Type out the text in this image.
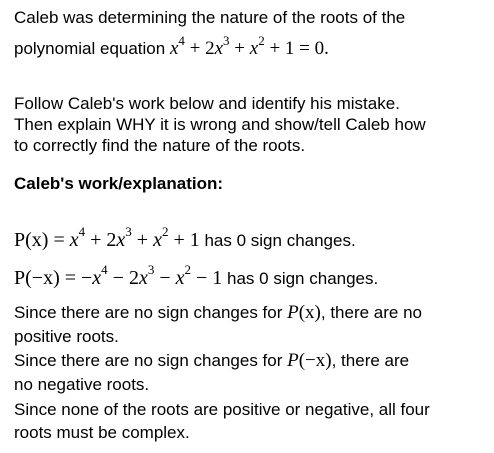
Caleb was determining the nature of the roots of the
polynomial equation $x^4 + 2x^3 + x^2 + 1 = 0$.
Follow Caleb's work below and identify his mistake.
Then explain WHY it is wrong and show/tell Caleb how
to correctly find the nature of the roots.
Caleb's work/explanation:
$P(x) = x^4 + 2x^3 + x^2 + 1$ has 0 sign changes.
$P(-x) = -x^4 - 2x^3 - x^2 - 1$ has 0 sign changes.
Since there are no sign changes for P(x), there are no
positive roots.
Since there are no sign changes for P(−x), there are
no negative roots.
Since none of the roots are positive or negative, all four
roots must be complex.
